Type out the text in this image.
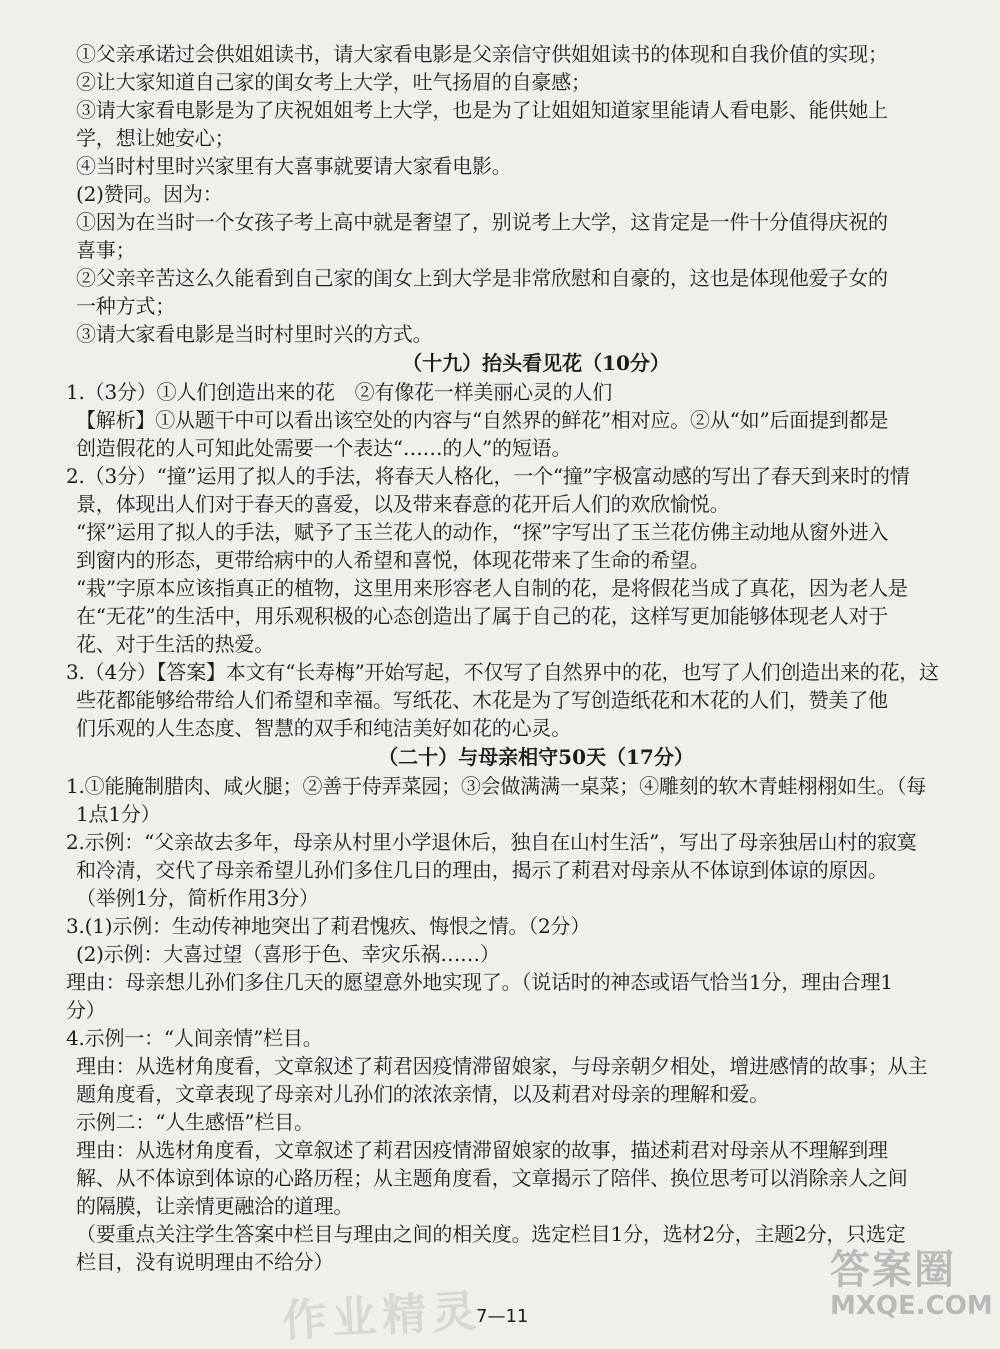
①父亲承诺过会供姐姐读书，请大家看电影是父亲信守供姐姐读书的体现和自我价值的实现；
②让大家知道自己家的闺女考上大学，吐气扬眉的自豪感；
③请大家看电影是为了庆祝姐姐考上大学，也是为了让姐姐知道家里能请人看电影、能供她上
学，想让她安心；
④当时村里时兴家里有大喜事就要请大家看电影。
(2)赞同。因为：
①因为在当时一个女孩子考上高中就是奢望了，别说考上大学，这肯定是一件十分值得庆祝的
喜事；
②父亲辛苦这么久能看到自己家的闺女上到大学是非常欣慰和自豪的，这也是体现他爱子女的
一种方式；
③请大家看电影是当时村里时兴的方式。
（十九）抬头看见花（10分）
1.（3分）①人们创造出来的花　②有像花一样美丽心灵的人们
【解析】①从题干中可以看出该空处的内容与“自然界的鲜花”相对应。②从“如”后面提到都是
创造假花的人可知此处需要一个表达“……的人”的短语。
2.（3分）“撞”运用了拟人的手法，将春天人格化，一个“撞”字极富动感的写出了春天到来时的情
景，体现出人们对于春天的喜爱，以及带来春意的花开后人们的欢欣愉悦。
“探”运用了拟人的手法，赋予了玉兰花人的动作，“探”字写出了玉兰花仿佛主动地从窗外进入
到窗内的形态，更带给病中的人希望和喜悦，体现花带来了生命的希望。
“栽”字原本应该指真正的植物，这里用来形容老人自制的花，是将假花当成了真花，因为老人是
在“无花”的生活中，用乐观积极的心态创造出了属于自己的花，这样写更加能够体现老人对于
花、对于生活的热爱。
3.（4分）【答案】本文有“长寿梅”开始写起，不仅写了自然界中的花，也写了人们创造出来的花，这
些花都能够给带给人们希望和幸福。写纸花、木花是为了写创造纸花和木花的人们，赞美了他
们乐观的人生态度、智慧的双手和纯洁美好如花的心灵。
（二十）与母亲相守50天（17分）
1.①能腌制腊肉、咸火腿；②善于侍弄菜园；③会做满满一桌菜；④雕刻的软木青蛙栩栩如生。（每
1点1分）
2.示例：“父亲故去多年，母亲从村里小学退休后，独自在山村生活”，写出了母亲独居山村的寂寞
和冷清，交代了母亲希望儿孙们多住几日的理由，揭示了莉君对母亲从不体谅到体谅的原因。
（举例1分，简析作用3分）
3.(1)示例：生动传神地突出了莉君愧疚、悔恨之情。（2分）
(2)示例：大喜过望（喜形于色、幸灾乐祸……）
理由：母亲想儿孙们多住几天的愿望意外地实现了。（说话时的神态或语气恰当1分，理由合理1
分）
4.示例一：“人间亲情”栏目。
理由：从选材角度看，文章叙述了莉君因疫情滞留娘家，与母亲朝夕相处，增进感情的故事；从主
题角度看，文章表现了母亲对儿孙们的浓浓亲情，以及莉君对母亲的理解和爱。
示例二：“人生感悟”栏目。
理由：从选材角度看，文章叙述了莉君因疫情滞留娘家的故事，描述莉君对母亲从不理解到理
解、从不体谅到体谅的心路历程；从主题角度看，文章揭示了陪伴、换位思考可以消除亲人之间
的隔膜，让亲情更融洽的道理。
（要重点关注学生答案中栏目与理由之间的相关度。选定栏目1分，选材2分，主题2分，只选定
栏目，没有说明理由不给分）
7—11
作业精灵
答案圈
MXQE.COM
